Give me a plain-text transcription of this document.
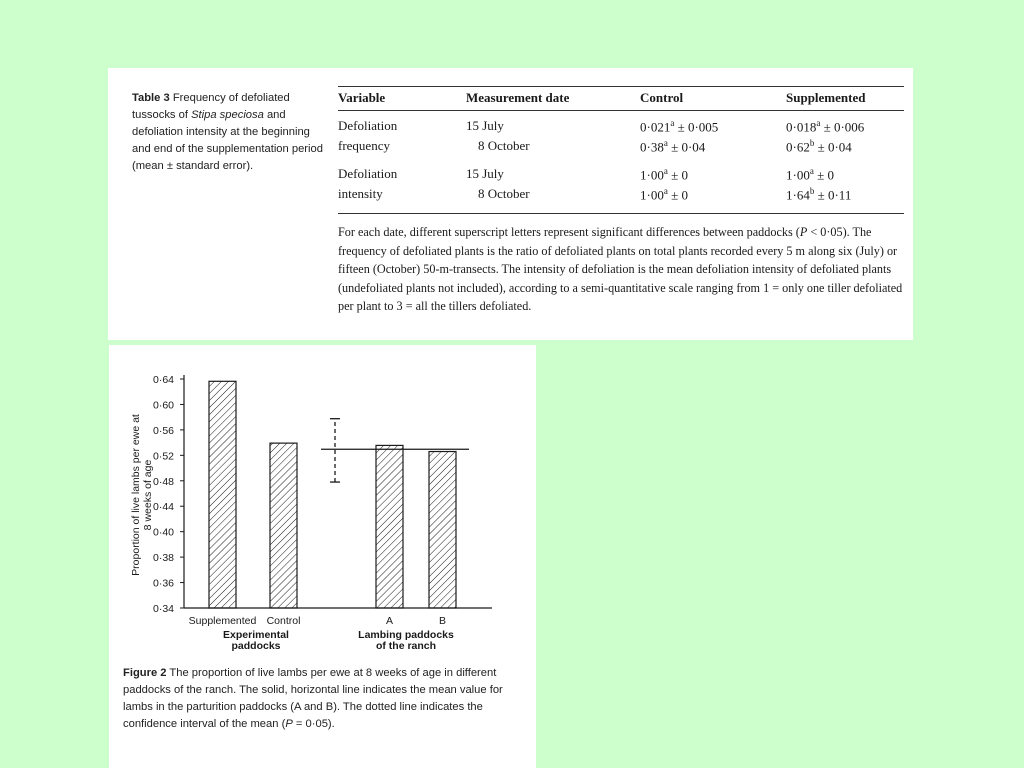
Table 3 Frequency of defoliated tussocks of Stipa speciosa and defoliation intensity at the beginning and end of the supplementation period (mean ± standard error).
Variable	Measurement date	Control	Supplemented
Defoliation	15 July	$0\cdot 021^a \pm 0\cdot 005$	$0\cdot 018^a \pm 0\cdot 006$
frequency	8 October	$0\cdot 38^a \pm 0\cdot 04$	$0\cdot 62^b \pm 0\cdot 04$
Defoliation	15 July	$1\cdot 00^a \pm 0$	$1\cdot 00^a \pm 0$
intensity	8 October	$1\cdot 00^a \pm 0$	$1\cdot 64^b \pm 0\cdot 11$
For each date, different superscript letters represent significant differences between paddocks (P < 0·05). The frequency of defoliated plants is the ratio of defoliated plants on total plants recorded every 5 m along six (July) or fifteen (October) 50-m-transects. The intensity of defoliation is the mean defoliation intensity of defoliated plants (undefoliated plants not included), according to a semi-quantitative scale ranging from 1 = only one tiller defoliated per plant to 3 = all the tillers defoliated.
0·34
0·36
0·38
0·40
0·44
0·48
0·52
0·56
0·60
0·64
Proportion of live lambs per ewe at8 weeks of age
Supplemented Control	A	B
Experimental
paddocks
Lambing paddocks
of the ranch
Figure 2 The proportion of live lambs per ewe at 8 weeks of age in different paddocks of the ranch. The solid, horizontal line indicates the mean value for lambs in the parturition paddocks (A and B). The dotted line indicates the confidence interval of the mean (P = 0·05).
